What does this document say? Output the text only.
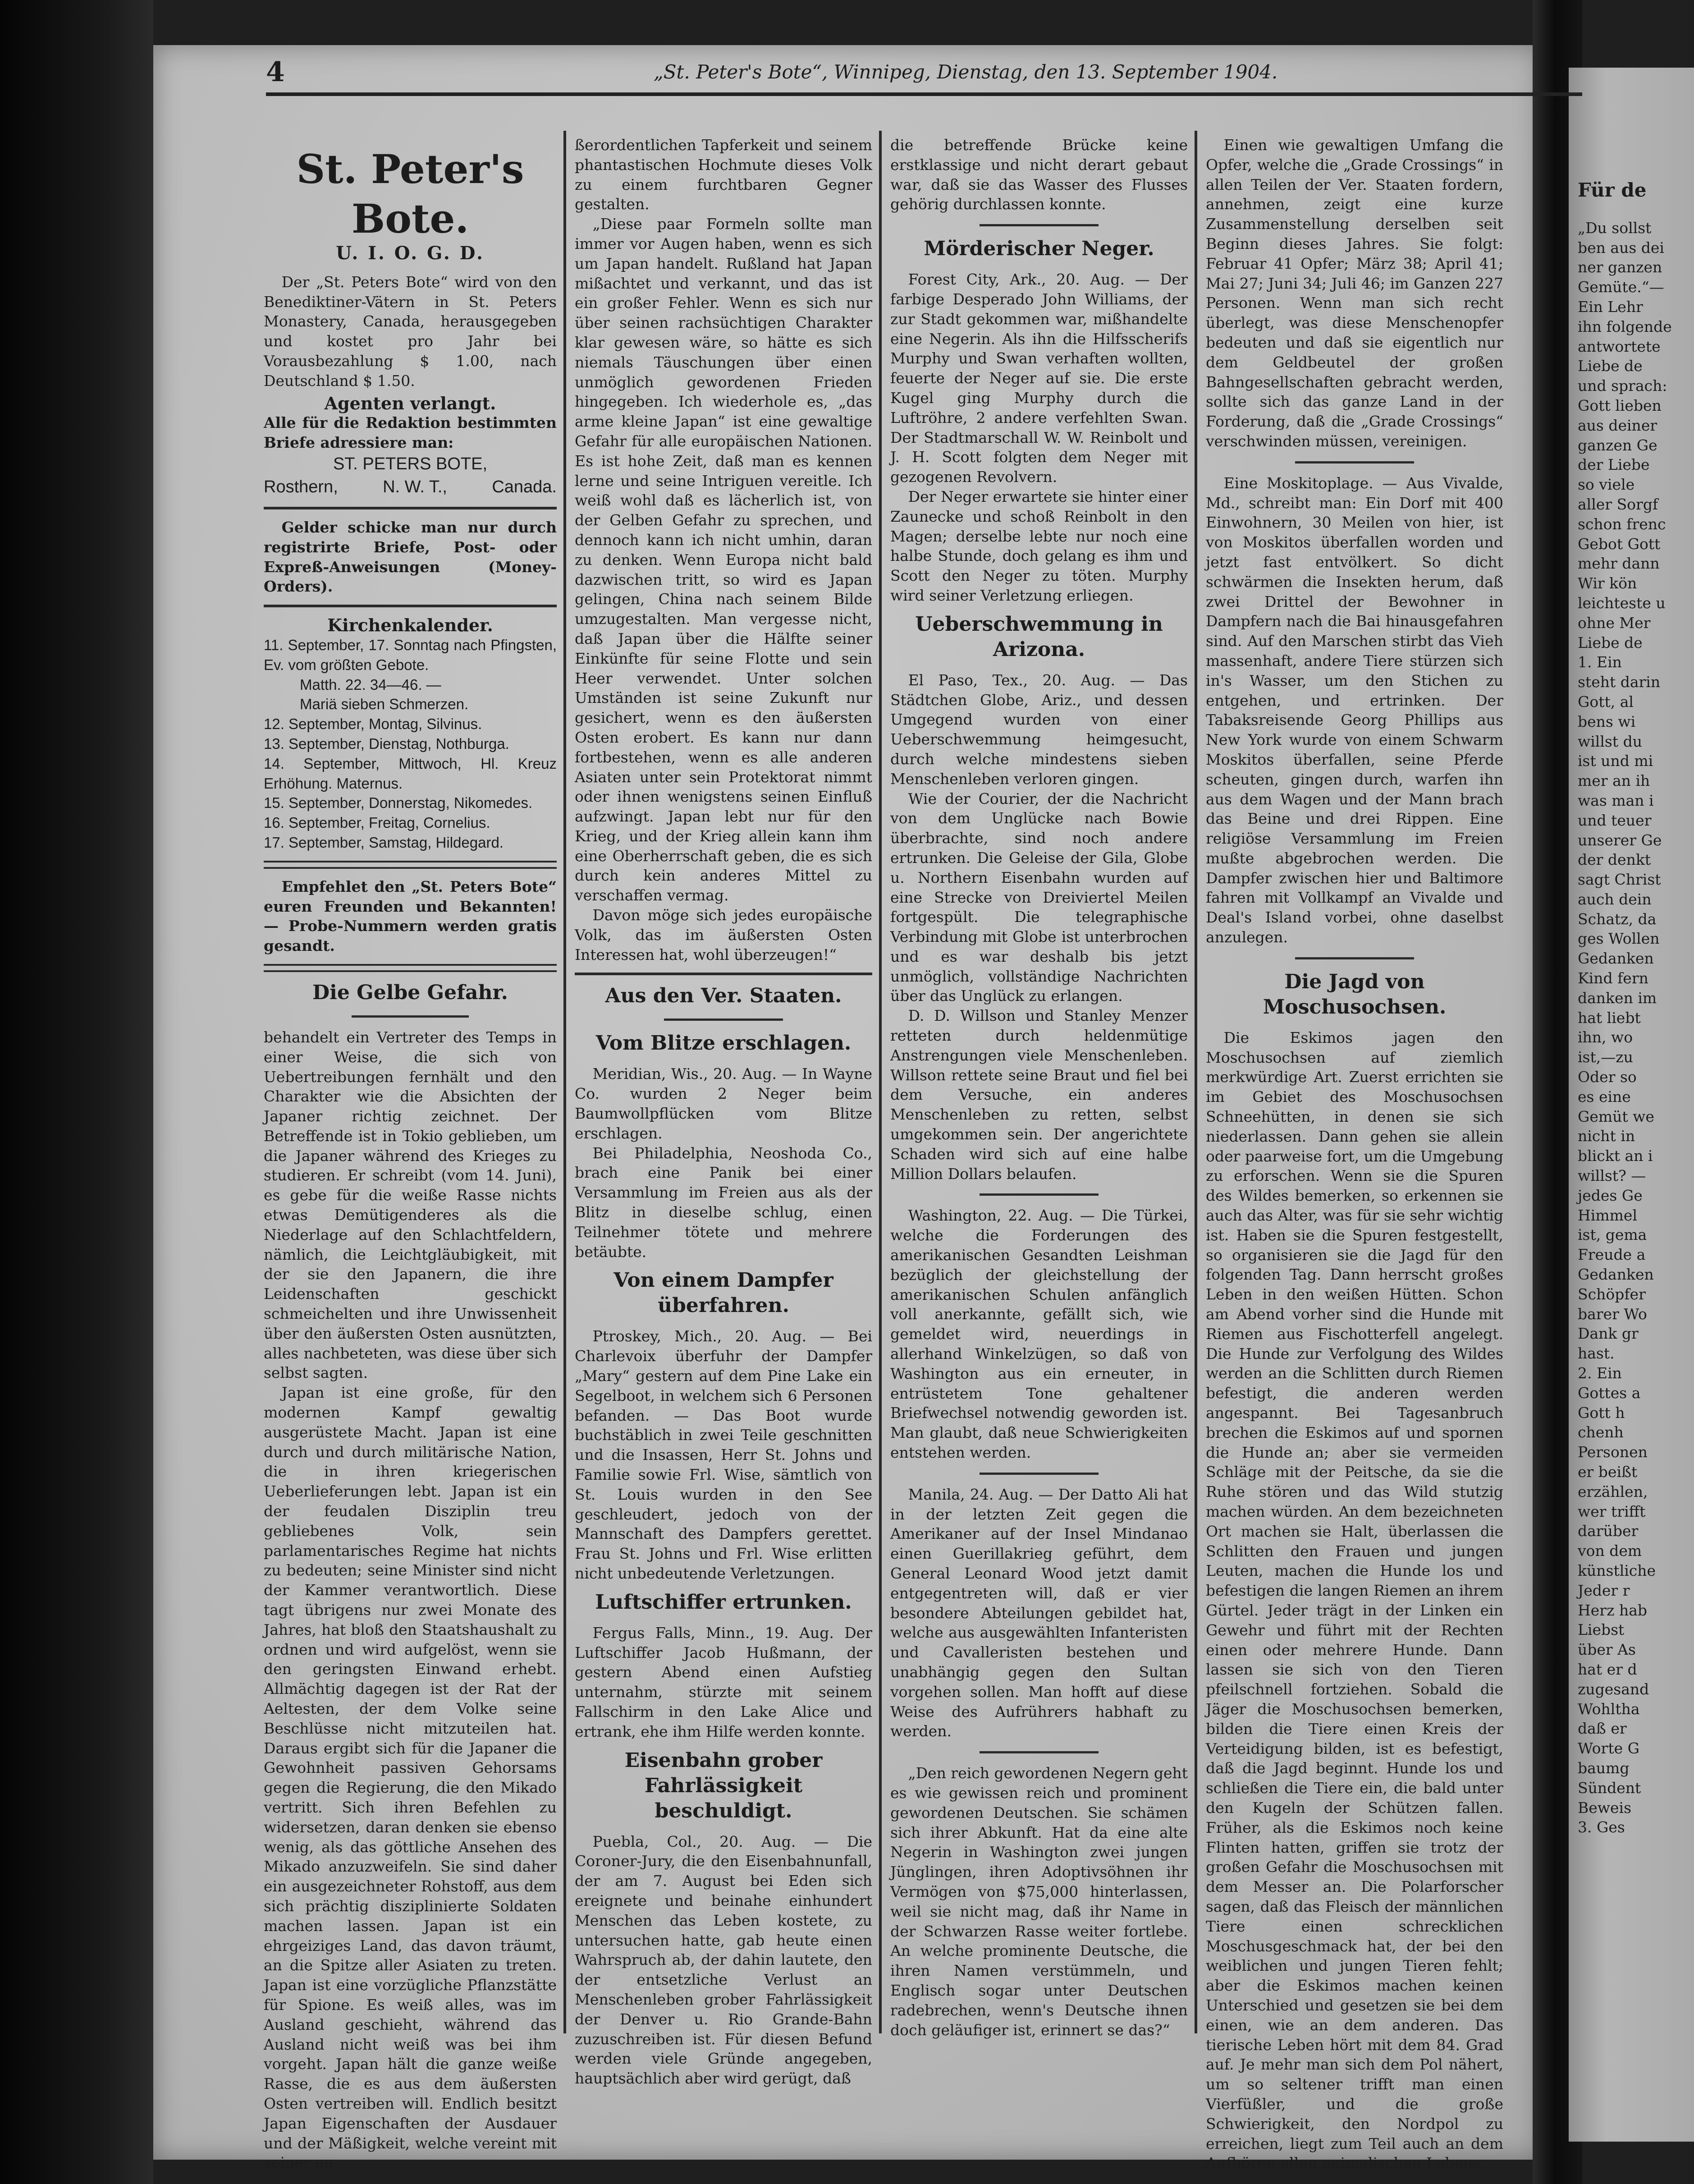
Für de
„Du sollst
ben aus dei
ner ganzen
Gemüte.“—
Ein Lehr
ihn folgende
antwortete
Liebe de
und sprach:
Gott lieben
aus deiner
ganzen Ge
der Liebe
so viele
aller Sorgf
schon frenc
Gebot Gott
mehr dann
Wir kön
leichteste u
ohne Mer
Liebe de
1. Ein
steht darin
Gott, al
bens wi
willst du
ist und mi
mer an ih
was man i
und teuer
unserer Ge
der denkt
sagt Christ
auch dein
Schatz, da
ges Wollen
Gedanken
Kind fern
danken im
hat liebt
ihn, wo
ist,—zu
Oder so
es eine
Gemüt we
nicht in
blickt an i
willst? —
jedes Ge
Himmel
ist, gema
Freude a
Gedanken
Schöpfer
barer Wo
Dank gr
hast.
2. Ein
Gottes a
Gott h
chenh
Personen
er beißt
erzählen,
wer trifft
darüber
von dem
künstliche
Jeder r
Herz hab
Liebst
über As
hat er d
zugesand
Wohltha
daß er
Worte G
baumg
Sündent
Beweis
3. Ges
4	„St. Peter's Bote“, Winnipeg, Dienstag, den 13. September 1904.
St. Peter's Bote.
U. I. O. G. D.

Der „St. Peters Bote“ wird von den Benediktiner-Vätern in St. Peters Monastery, Canada, herausgegeben und kostet pro Jahr bei Vorausbezahlung $ 1.00, nach Deutschland $ 1.50.

Agenten verlangt.

Alle für die Redaktion bestimmten Briefe adressiere man:

ST. PETERS BOTE,
Rosthern,	N. W. T.,	Canada.

Gelder schicke man nur durch registrirte Briefe, Post- oder Expreß-Anweisungen (Money-Orders).

Kirchenkalender.
11. September, 17. Sonntag nach Pfingsten, Ev. vom größten Gebote.
Matth. 22. 34—46. —
Mariä sieben Schmerzen.
12. September, Montag, Silvinus.
13. September, Dienstag, Nothburga.
14. September, Mittwoch, Hl. Kreuz Erhöhung. Maternus.
15. September, Donnerstag, Nikomedes.
16. September, Freitag, Cornelius.
17. September, Samstag, Hildegard.

Empfehlet den „St. Peters Bote“ euren Freunden und Bekannten! — Probe-Nummern werden gratis gesandt.

Die Gelbe Gefahr.

behandelt ein Vertreter des Temps in einer Weise, die sich von Uebertreibungen fernhält und den Charakter wie die Absichten der Japaner richtig zeichnet. Der Betreffende ist in Tokio geblieben, um die Japaner während des Krieges zu studieren. Er schreibt (vom 14. Juni), es gebe für die weiße Rasse nichts etwas Demütigenderes als die Niederlage auf den Schlachtfeldern, nämlich, die Leichtgläubigkeit, mit der sie den Japanern, die ihre Leidenschaften geschickt schmeichelten und ihre Unwissenheit über den äußersten Osten ausnützten, alles nachbeteten, was diese über sich selbst sagten.

Japan ist eine große, für den modernen Kampf gewaltig ausgerüstete Macht. Japan ist eine durch und durch militärische Nation, die in ihren kriegerischen Ueberlieferungen lebt. Japan ist ein der feudalen Disziplin treu gebliebenes Volk, sein parlamentarisches Regime hat nichts zu bedeuten; seine Minister sind nicht der Kammer verantwortlich. Diese tagt übrigens nur zwei Monate des Jahres, hat bloß den Staatshaushalt zu ordnen und wird aufgelöst, wenn sie den geringsten Einwand erhebt. Allmächtig dagegen ist der Rat der Aeltesten, der dem Volke seine Beschlüsse nicht mitzuteilen hat. Daraus ergibt sich für die Japaner die Gewohnheit passiven Gehorsams gegen die Regierung, die den Mikado vertritt. Sich ihren Befehlen zu widersetzen, daran denken sie ebenso wenig, als das göttliche Ansehen des Mikado anzuzweifeln. Sie sind daher ein ausgezeichneter Rohstoff, aus dem sich prächtig disziplinierte Soldaten machen lassen. Japan ist ein ehrgeiziges Land, das davon träumt, an die Spitze aller Asiaten zu treten. Japan ist eine vorzügliche Pflanzstätte für Spione. Es weiß alles, was im Ausland geschieht, während das Ausland nicht weiß was bei ihm vorgeht. Japan hält die ganze weiße Rasse, die es aus dem äußersten Osten vertreiben will. Endlich besitzt Japan Eigenschaften der Ausdauer und der Mäßigkeit, welche vereint mit seiner au-

ßerordentlichen Tapferkeit und seinem phantastischen Hochmute dieses Volk zu einem furchtbaren Gegner gestalten.

„Diese paar Formeln sollte man immer vor Augen haben, wenn es sich um Japan handelt. Rußland hat Japan mißachtet und verkannt, und das ist ein großer Fehler. Wenn es sich nur über seinen rachsüchtigen Charakter klar gewesen wäre, so hätte es sich niemals Täuschungen über einen unmöglich gewordenen Frieden hingegeben. Ich wiederhole es, „das arme kleine Japan“ ist eine gewaltige Gefahr für alle europäischen Nationen. Es ist hohe Zeit, daß man es kennen lerne und seine Intriguen vereitle. Ich weiß wohl daß es lächerlich ist, von der Gelben Gefahr zu sprechen, und dennoch kann ich nicht umhin, daran zu denken. Wenn Europa nicht bald dazwischen tritt, so wird es Japan gelingen, China nach seinem Bilde umzugestalten. Man vergesse nicht, daß Japan über die Hälfte seiner Einkünfte für seine Flotte und sein Heer verwendet. Unter solchen Umständen ist seine Zukunft nur gesichert, wenn es den äußersten Osten erobert. Es kann nur dann fortbestehen, wenn es alle anderen Asiaten unter sein Protektorat nimmt oder ihnen wenigstens seinen Einfluß aufzwingt. Japan lebt nur für den Krieg, und der Krieg allein kann ihm eine Oberherrschaft geben, die es sich durch kein anderes Mittel zu verschaffen vermag.

Davon möge sich jedes europäische Volk, das im äußersten Osten Interessen hat, wohl überzeugen!“

Aus den Ver. Staaten.
Vom Blitze erschlagen.

Meridian, Wis., 20. Aug. — In Wayne Co. wurden 2 Neger beim Baumwollpflücken vom Blitze erschlagen.

Bei Philadelphia, Neoshoda Co., brach eine Panik bei einer Versammlung im Freien aus als der Blitz in dieselbe schlug, einen Teilnehmer tötete und mehrere betäubte.

Von einem Dampfer überfahren.

Ptroskey, Mich., 20. Aug. — Bei Charlevoix überfuhr der Dampfer „Mary“ gestern auf dem Pine Lake ein Segelboot, in welchem sich 6 Personen befanden. — Das Boot wurde buchstäblich in zwei Teile geschnitten und die Insassen, Herr St. Johns und Familie sowie Frl. Wise, sämtlich von St. Louis wurden in den See geschleudert, jedoch von der Mannschaft des Dampfers gerettet. Frau St. Johns und Frl. Wise erlitten nicht unbedeutende Verletzungen.

Luftschiffer ertrunken.

Fergus Falls, Minn., 19. Aug. Der Luftschiffer Jacob Hußmann, der gestern Abend einen Aufstieg unternahm, stürzte mit seinem Fallschirm in den Lake Alice und ertrank, ehe ihm Hilfe werden konnte.

Eisenbahn grober Fahrlässigkeit beschuldigt.

Puebla, Col., 20. Aug. — Die Coroner-Jury, die den Eisenbahnunfall, der am 7. August bei Eden sich ereignete und beinahe einhundert Menschen das Leben kostete, zu untersuchen hatte, gab heute einen Wahrspruch ab, der dahin lautete, den der entsetzliche Verlust an Menschenleben grober Fahrlässigkeit der Denver u. Rio Grande-Bahn zuzuschreiben ist. Für diesen Befund werden viele Gründe angegeben, hauptsächlich aber wird gerügt, daß

die betreffende Brücke keine erstklassige und nicht derart gebaut war, daß sie das Wasser des Flusses gehörig durchlassen konnte.

Mörderischer Neger.

Forest City, Ark., 20. Aug. — Der farbige Desperado John Williams, der zur Stadt gekommen war, mißhandelte eine Negerin. Als ihn die Hilfsscherifs Murphy und Swan verhaften wollten, feuerte der Neger auf sie. Die erste Kugel ging Murphy durch die Luftröhre, 2 andere verfehlten Swan. Der Stadtmarschall W. W. Reinbolt und J. H. Scott folgten dem Neger mit gezogenen Revolvern.

Der Neger erwartete sie hinter einer Zaunecke und schoß Reinbolt in den Magen; derselbe lebte nur noch eine halbe Stunde, doch gelang es ihm und Scott den Neger zu töten. Murphy wird seiner Verletzung erliegen.

Ueberschwemmung in Arizona.

El Paso, Tex., 20. Aug. — Das Städtchen Globe, Ariz., und dessen Umgegend wurden von einer Ueberschwemmung heimgesucht, durch welche mindestens sieben Menschenleben verloren gingen.

Wie der Courier, der die Nachricht von dem Unglücke nach Bowie überbrachte, sind noch andere ertrunken. Die Geleise der Gila, Globe u. Northern Eisenbahn wurden auf eine Strecke von Dreiviertel Meilen fortgespült. Die telegraphische Verbindung mit Globe ist unterbrochen und es war deshalb bis jetzt unmöglich, vollständige Nachrichten über das Unglück zu erlangen.

D. D. Willson und Stanley Menzer retteten durch heldenmütige Anstrengungen viele Menschenleben. Willson rettete seine Braut und fiel bei dem Versuche, ein anderes Menschenleben zu retten, selbst umgekommen sein. Der angerichtete Schaden wird sich auf eine halbe Million Dollars belaufen.

Washington, 22. Aug. — Die Türkei, welche die Forderungen des amerikanischen Gesandten Leishman bezüglich der gleichstellung der amerikanischen Schulen anfänglich voll anerkannte, gefällt sich, wie gemeldet wird, neuerdings in allerhand Winkelzügen, so daß von Washington aus ein erneuter, in entrüstetem Tone gehaltener Briefwechsel notwendig geworden ist. Man glaubt, daß neue Schwierigkeiten entstehen werden.

Manila, 24. Aug. — Der Datto Ali hat in der letzten Zeit gegen die Amerikaner auf der Insel Mindanao einen Guerillakrieg geführt, dem General Leonard Wood jetzt damit entgegentreten will, daß er vier besondere Abteilungen gebildet hat, welche aus ausgewählten Infanteristen und Cavalleristen bestehen und unabhängig gegen den Sultan vorgehen sollen. Man hofft auf diese Weise des Aufrührers habhaft zu werden.

„Den reich gewordenen Negern geht es wie gewissen reich und prominent gewordenen Deutschen. Sie schämen sich ihrer Abkunft. Hat da eine alte Negerin in Washington zwei jungen Jünglingen, ihren Adoptivsöhnen ihr Vermögen von $75,000 hinterlassen, weil sie nicht mag, daß ihr Name in der Schwarzen Rasse weiter fortlebe. An welche prominente Deutsche, die ihren Namen verstümmeln, und Englisch sogar unter Deutschen radebrechen, wenn's Deutsche ihnen doch geläufiger ist, erinnert se das?“

Einen wie gewaltigen Umfang die Opfer, welche die „Grade Crossings“ in allen Teilen der Ver. Staaten fordern, annehmen, zeigt eine kurze Zusammenstellung derselben seit Beginn dieses Jahres. Sie folgt: Februar 41 Opfer; März 38; April 41; Mai 27; Juni 34; Juli 46; im Ganzen 227 Personen. Wenn man sich recht überlegt, was diese Menschenopfer bedeuten und daß sie eigentlich nur dem Geldbeutel der großen Bahngesellschaften gebracht werden, sollte sich das ganze Land in der Forderung, daß die „Grade Crossings“ verschwinden müssen, vereinigen.

Eine Moskitoplage. — Aus Vivalde, Md., schreibt man: Ein Dorf mit 400 Einwohnern, 30 Meilen von hier, ist von Moskitos überfallen worden und jetzt fast entvölkert. So dicht schwärmen die Insekten herum, daß zwei Drittel der Bewohner in Dampfern nach die Bai hinausgefahren sind. Auf den Marschen stirbt das Vieh massenhaft, andere Tiere stürzen sich in's Wasser, um den Stichen zu entgehen, und ertrinken. Der Tabaksreisende Georg Phillips aus New York wurde von einem Schwarm Moskitos überfallen, seine Pferde scheuten, gingen durch, warfen ihn aus dem Wagen und der Mann brach das Beine und drei Rippen. Eine religiöse Versammlung im Freien mußte abgebrochen werden. Die Dampfer zwischen hier und Baltimore fahren mit Vollkampf an Vivalde und Deal's Island vorbei, ohne daselbst anzulegen.

Die Jagd von Moschusochsen.

Die Eskimos jagen den Moschusochsen auf ziemlich merkwürdige Art. Zuerst errichten sie im Gebiet des Moschusochsen Schneehütten, in denen sie sich niederlassen. Dann gehen sie allein oder paarweise fort, um die Umgebung zu erforschen. Wenn sie die Spuren des Wildes bemerken, so erkennen sie auch das Alter, was für sie sehr wichtig ist. Haben sie die Spuren festgestellt, so organisieren sie die Jagd für den folgenden Tag. Dann herrscht großes Leben in den weißen Hütten. Schon am Abend vorher sind die Hunde mit Riemen aus Fischotterfell angelegt. Die Hunde zur Verfolgung des Wildes werden an die Schlitten durch Riemen befestigt, die anderen werden angespannt. Bei Tagesanbruch brechen die Eskimos auf und spornen die Hunde an; aber sie vermeiden Schläge mit der Peitsche, da sie die Ruhe stören und das Wild stutzig machen würden. An dem bezeichneten Ort machen sie Halt, überlassen die Schlitten den Frauen und jungen Leuten, machen die Hunde los und befestigen die langen Riemen an ihrem Gürtel. Jeder trägt in der Linken ein Gewehr und führt mit der Rechten einen oder mehrere Hunde. Dann lassen sie sich von den Tieren pfeilschnell fortziehen. Sobald die Jäger die Moschusochsen bemerken, bilden die Tiere einen Kreis der Verteidigung bilden, ist es befestigt, daß die Jagd beginnt. Hunde los und schließen die Tiere ein, die bald unter den Kugeln der Schützen fallen. Früher, als die Eskimos noch keine Flinten hatten, griffen sie trotz der großen Gefahr die Moschusochsen mit dem Messer an. Die Polarforscher sagen, daß das Fleisch der männlichen Tiere einen schrecklichen Moschusgeschmack hat, der bei den weiblichen und jungen Tieren fehlt; aber die Eskimos machen keinen Unterschied und gesetzen sie bei dem einen, wie an dem anderen. Das tierische Leben hört mit dem 84. Grad auf. Je mehr man sich dem Pol nähert, um so seltener trifft man einen Vierfüßler, und die große Schwierigkeit, den Nordpol zu erreichen, liegt zum Teil auch an dem Aufhören allen animalischen Lebens.
